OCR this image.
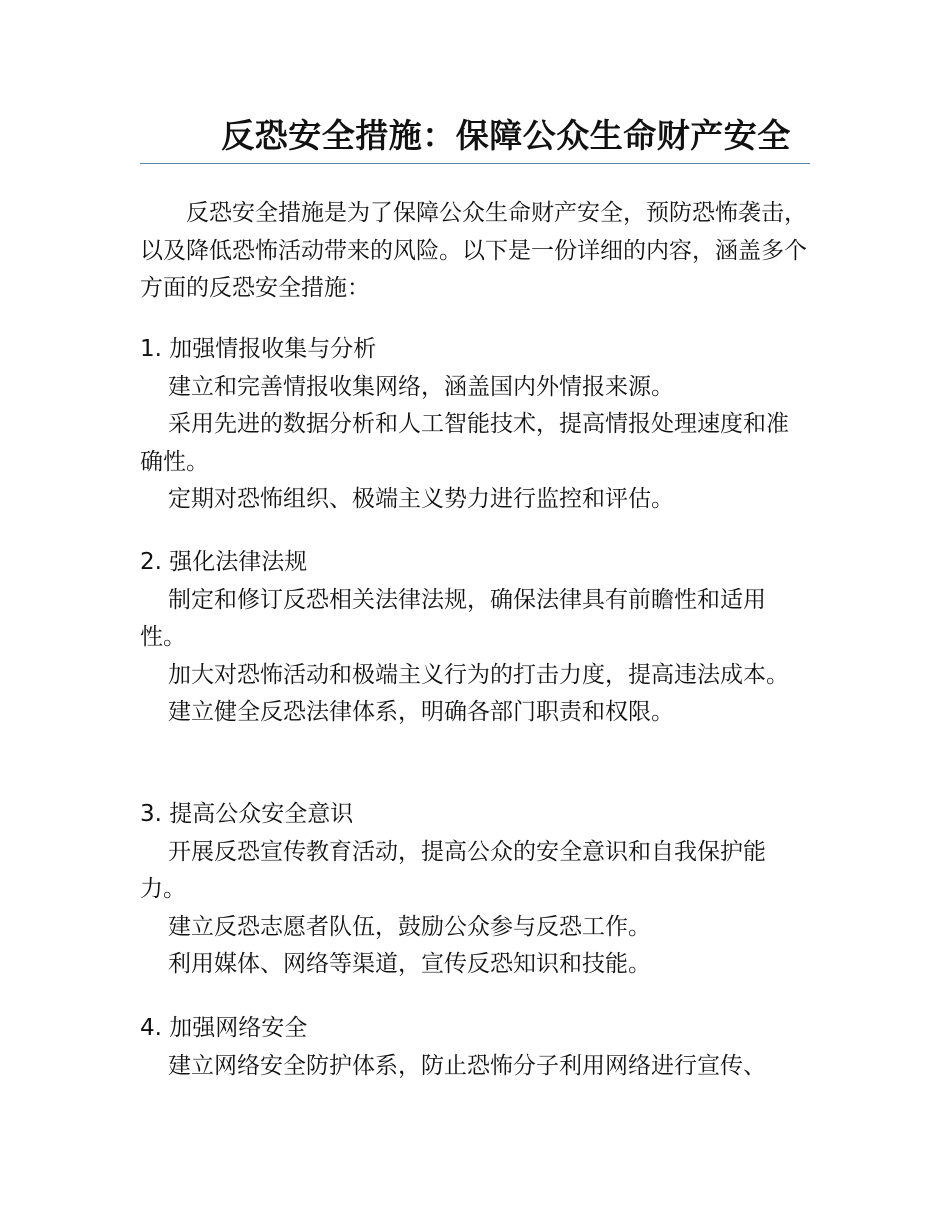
反恐安全措施：保障公众生命财产安全

反恐安全措施是为了保障公众生命财产安全，预防恐怖袭击，以及降低恐怖活动带来的风险。以下是一份详细的内容，涵盖多个方面的反恐安全措施：

1. 加强情报收集与分析

建立和完善情报收集网络，涵盖国内外情报来源。

采用先进的数据分析和人工智能技术，提高情报处理速度和准确性。

定期对恐怖组织、极端主义势力进行监控和评估。

2. 强化法律法规

制定和修订反恐相关法律法规，确保法律具有前瞻性和适用性。

加大对恐怖活动和极端主义行为的打击力度，提高违法成本。

建立健全反恐法律体系，明确各部门职责和权限。

3. 提高公众安全意识

开展反恐宣传教育活动，提高公众的安全意识和自我保护能力。

建立反恐志愿者队伍，鼓励公众参与反恐工作。

利用媒体、网络等渠道，宣传反恐知识和技能。

4. 加强网络安全

建立网络安全防护体系，防止恐怖分子利用网络进行宣传、
